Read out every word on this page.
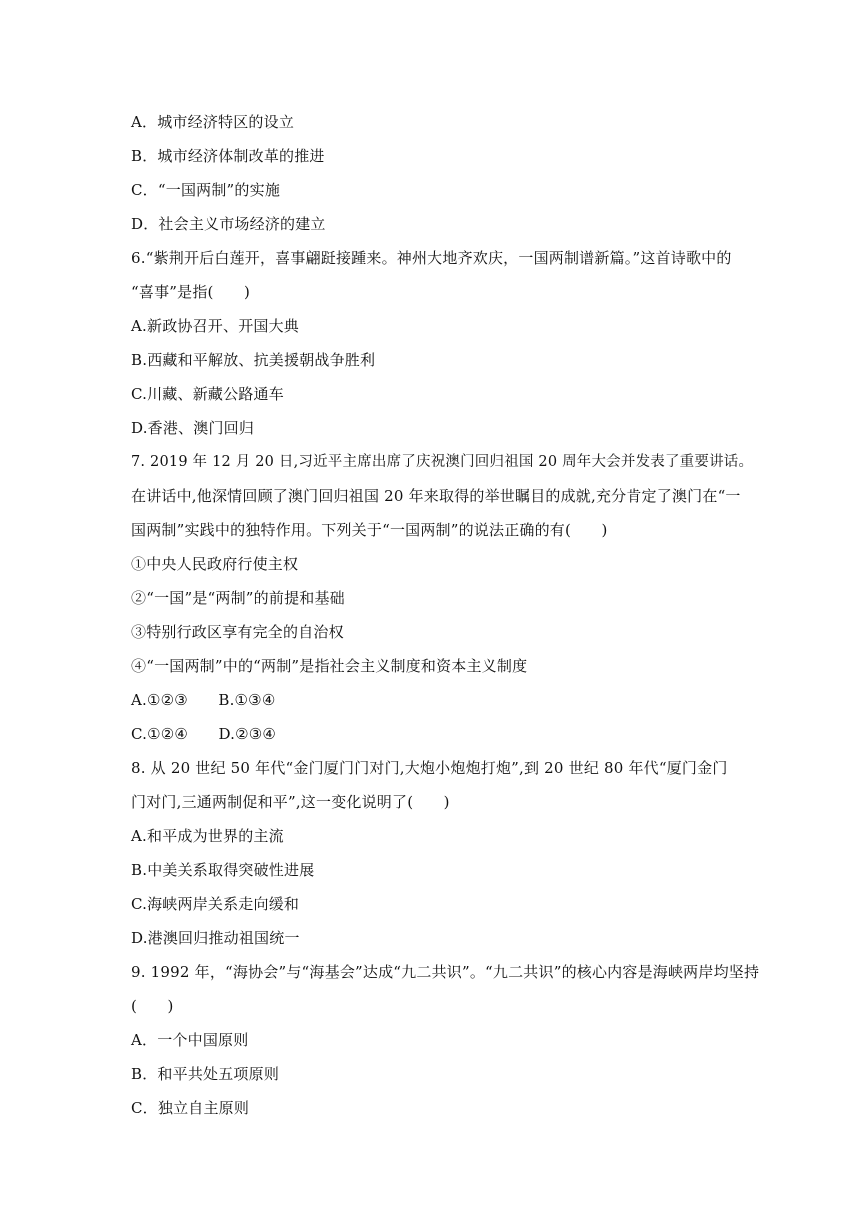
A．城市经济特区的设立
B．城市经济体制改革的推进
C．“一国两制”的实施
D．社会主义市场经济的建立
6.“紫荆开后白莲开，喜事翩跹接踵来。神州大地齐欢庆，一国两制谱新篇。”这首诗歌中的
“喜事”是指(　　)
A.新政协召开、开国大典
B.西藏和平解放、抗美援朝战争胜利
C.川藏、新藏公路通车
D.香港、澳门回归
7. 2019 年 12 月 20 日,习近平主席出席了庆祝澳门回归祖国 20 周年大会并发表了重要讲话。
在讲话中,他深情回顾了澳门回归祖国 20 年来取得的举世瞩目的成就,充分肯定了澳门在“一
国两制”实践中的独特作用。下列关于“一国两制”的说法正确的有(　　)
①中央人民政府行使主权
②“一国”是“两制”的前提和基础
③特别行政区享有完全的自治权
④“一国两制”中的“两制”是指社会主义制度和资本主义制度
A.①②③　　B.①③④
C.①②④　　D.②③④
8. 从 20 世纪 50 年代“金门厦门门对门,大炮小炮炮打炮”,到 20 世纪 80 年代“厦门金门
门对门,三通两制促和平”,这一变化说明了(　　)
A.和平成为世界的主流
B.中美关系取得突破性进展
C.海峡两岸关系走向缓和
D.港澳回归推动祖国统一
9. 1992 年，“海协会”与“海基会”达成“九二共识”。“九二共识”的核心内容是海峡两岸均坚持
(　　)
A．一个中国原则
B．和平共处五项原则
C．独立自主原则
